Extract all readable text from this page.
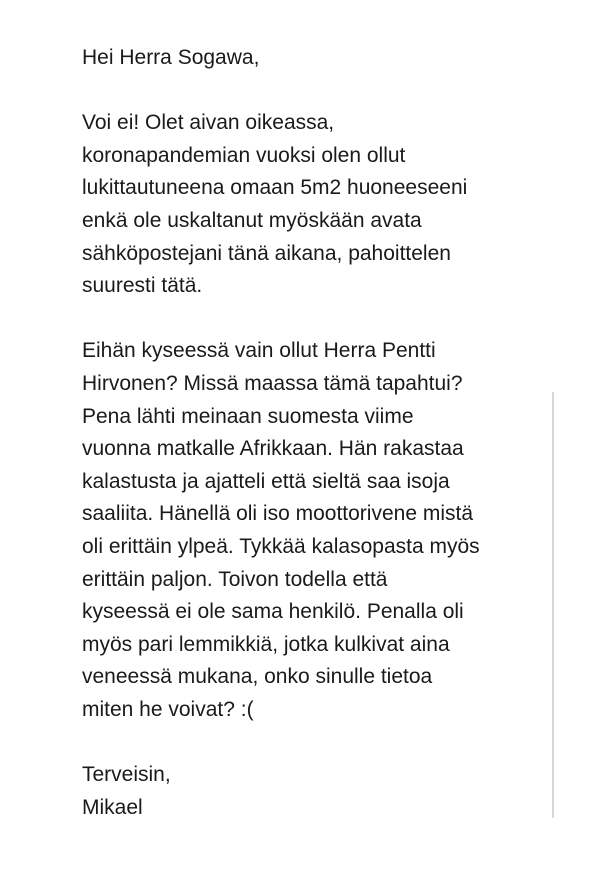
Hei Herra Sogawa,
Voi ei! Olet aivan oikeassa,
koronapandemian vuoksi olen ollut
lukittautuneena omaan 5m2 huoneeseeni
enkä ole uskaltanut myöskään avata
sähköpostejani tänä aikana, pahoittelen
suuresti tätä.
Eihän kyseessä vain ollut Herra Pentti
Hirvonen? Missä maassa tämä tapahtui?
Pena lähti meinaan suomesta viime
vuonna matkalle Afrikkaan. Hän rakastaa
kalastusta ja ajatteli että sieltä saa isoja
saaliita. Hänellä oli iso moottorivene mistä
oli erittäin ylpeä. Tykkää kalasopasta myös
erittäin paljon. Toivon todella että
kyseessä ei ole sama henkilö. Penalla oli
myös pari lemmikkiä, jotka kulkivat aina
veneessä mukana, onko sinulle tietoa
miten he voivat? :(
Terveisin,
Mikael
